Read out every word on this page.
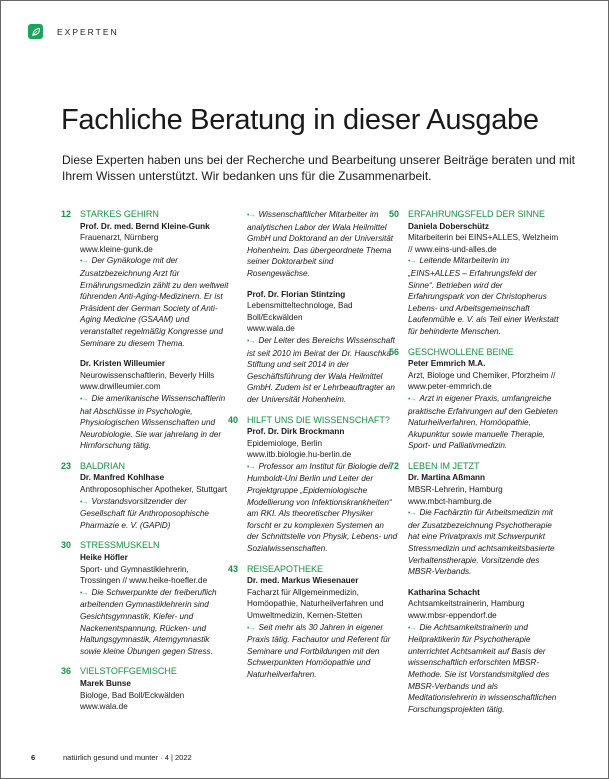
EXPERTEN
Fachliche Beratung in dieser Ausgabe

Diese Experten haben uns bei der Recherche und Bearbeitung unserer Beiträge beraten und mit Ihrem Wissen unterstützt. Wir bedanken uns für die Zusammenarbeit.

12 STARKES GEHIRN
Prof. Dr. med. Bernd Kleine-Gunk
Frauenarzt, Nürnberg
www.kleine-gunk.de
•→ Der Gynäkologe mit der Zusatzbezeichnung Arzt für Ernährungsmedizin zählt zu den weltweit führenden Anti-Aging-Medizinern. Er ist Präsident der German Society of Anti-Aging Medicine (GSAAM) und veranstaltet regelmäßig Kongresse und Seminare zu diesem Thema.
Dr. Kristen Willeumier
Neurowissenschaftlerin, Beverly Hills
www.drwilleumier.com
•→ Die amerikanische Wissenschaftlerin hat Abschlüsse in Psychologie, Physiologischen Wissenschaften und Neurobiologie. Sie war jahrelang in der Hirnforschung tätig.
23 BALDRIAN
Dr. Manfred Kohlhase
Anthroposophischer Apotheker, Stuttgart
•→ Vorstandsvorsitzender der Gesellschaft für Anthroposophische Pharmazie e. V. (GAPiD)
30 STRESSMUSKELN
Heike Höfler
Sport- und Gymnastiklehrerin, Trossingen // www.heike-hoefler.de
•→ Die Schwerpunkte der freiberuflich arbeitenden Gymnastiklehrerin sind Gesichtsgymnastik, Kiefer- und Nackenentspannung, Rücken- und Haltungsgymnastik, Atemgymnastik sowie kleine Übungen gegen Stress.
36 VIELSTOFFGEMISCHE
Marek Bunse
Biologe, Bad Boll/Eckwälden
www.wala.de
•→ Wissenschaftlicher Mitarbeiter im analytischen Labor der Wala Heilmittel GmbH und Doktorand an der Universität Hohenheim. Das übergeordnete Thema seiner Doktorarbeit sind Rosengewächse.
Prof. Dr. Florian Stintzing
Lebensmitteltechnologe, Bad Boll/Eckwälden
www.wala.de
•→ Der Leiter des Bereichs Wissenschaft ist seit 2010 im Beirat der Dr. Hauschka Stiftung und seit 2014 in der Geschäftsführung der Wala Heilmittel GmbH. Zudem ist er Lehrbeauftragter an der Universität Hohenheim.
40 HILFT UNS DIE WISSENSCHAFT?
Prof. Dr. Dirk Brockmann
Epidemiologe, Berlin
www.itb.biologie.hu-berlin.de
•→ Professor am Institut für Biologie der Humboldt-Uni Berlin und Leiter der Projektgruppe „Epidemiologische Modellierung von Infektionskrankheiten“ am RKI. Als theoretischer Physiker forscht er zu komplexen Systemen an der Schnittstelle von Physik, Lebens- und Sozialwissenschaften.
43 REISEAPOTHEKE
Dr. med. Markus Wiesenauer
Facharzt für Allgemeinmedizin, Homöopathie, Naturheilverfahren und Umweltmedizin, Kernen-Stetten
•→ Seit mehr als 30 Jahren in eigener Praxis tätig. Fachautor und Referent für Seminare und Fortbildungen mit den Schwerpunkten Homöopathie und Naturheilverfahren.
50 ERFAHRUNGSFELD DER SINNE
Daniela Doberschütz
Mitarbeiterin bei EINS+ALLES, Welzheim // www.eins-und-alles.de
•→ Leitende Mitarbeiterin im „EINS+ALLES – Erfahrungsfeld der Sinne“. Betrieben wird der Erfahrungspark von der Christopherus Lebens- und Arbeitsgemeinschaft Laufenmühle e. V. als Teil einer Werkstatt für behinderte Menschen.
56 GESCHWOLLENE BEINE
Peter Emmrich M.A.
Arzt, Biologe und Chemiker, Pforzheim // www.peter-emmrich.de
•→ Arzt in eigener Praxis, umfangreiche praktische Erfahrungen auf den Gebieten Naturheilverfahren, Homöopathie, Akupunktur sowie manuelle Therapie, Sport- und Palliativmedizin.
72 LEBEN IM JETZT
Dr. Martina Aßmann
MBSR-Lehrerin, Hamburg
www.mbct-hamburg.de
•→ Die Fachärztin für Arbeitsmedizin mit der Zusatzbezeichnung Psychotherapie hat eine Privatpraxis mit Schwerpunkt Stressmedizin und achtsamkeitsbasierte Verhaltenstherapie. Vorsitzende des MBSR-Verbands.
Katharina Schacht
Achtsamkeitstrainerin, Hamburg
www.mbsr-eppendorf.de
•→ Die Achtsamkeitstrainerin und Heilpraktikerin für Psychotherapie unterrichtet Achtsamkeit auf Basis der wissenschaftlich erforschten MBSR-Methode. Sie ist Vorstandsmitglied des MBSR-Verbands und als Meditationslehrerin in wissenschaftlichen Forschungsprojekten tätig.
6	natürlich gesund und munter · 4 | 2022
